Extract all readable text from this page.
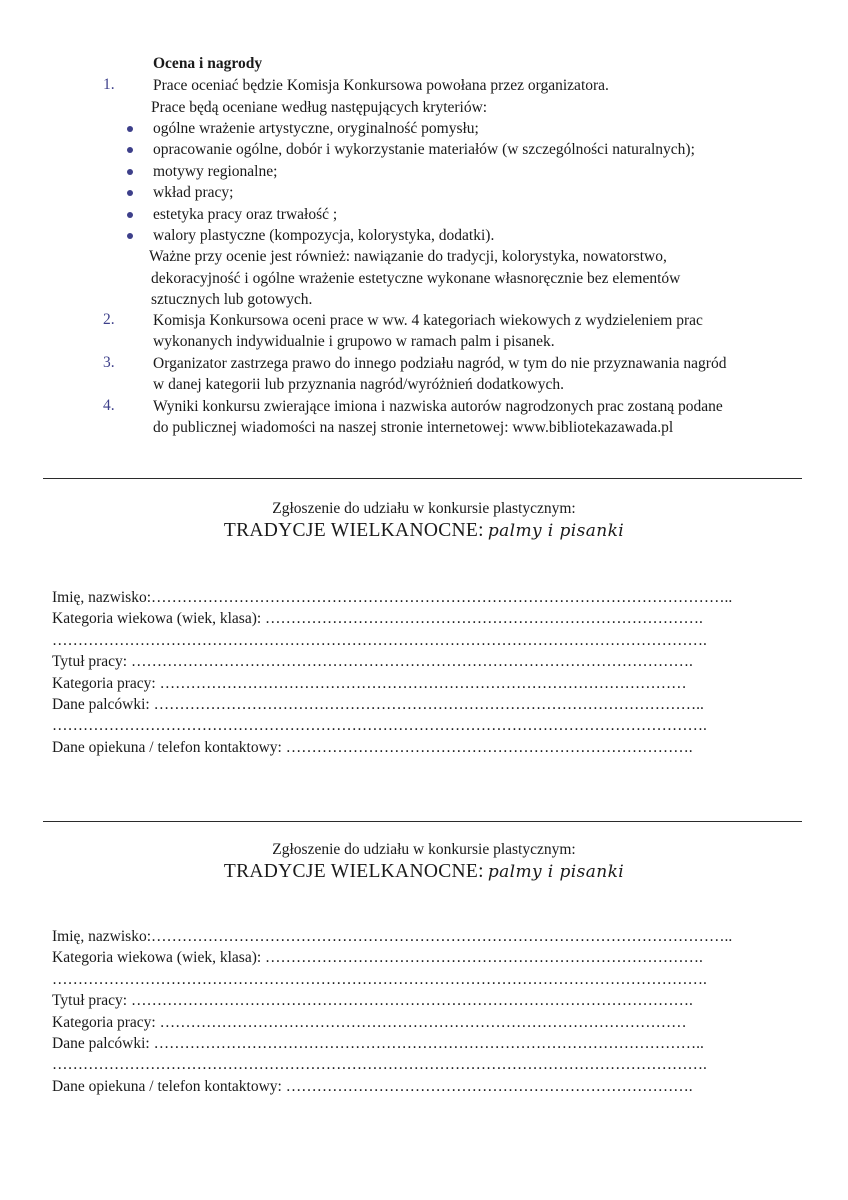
Ocena i nagrody
1. Prace oceniać będzie Komisja Konkursowa powołana przez organizatora.
Prace będą oceniane według następujących kryteriów:
ogólne wrażenie artystyczne, oryginalność pomysłu;
opracowanie ogólne, dobór i wykorzystanie materiałów (w szczególności naturalnych);
motywy regionalne;
wkład pracy;
estetyka pracy oraz trwałość ;
walory plastyczne (kompozycja, kolorystyka, dodatki).
Ważne przy ocenie jest również: nawiązanie do tradycji, kolorystyka, nowatorstwo,
dekoracyjność i ogólne wrażenie estetyczne wykonane własnoręcznie bez elementów
sztucznych lub gotowych.
2. Komisja Konkursowa oceni prace w ww. 4 kategoriach wiekowych z wydzieleniem prac
wykonanych indywidualnie i grupowo w ramach palm i pisanek.
3. Organizator zastrzega prawo do innego podziału nagród, w tym do nie przyznawania nagród
w danej kategorii lub przyznania nagród/wyróżnień dodatkowych.
4. Wyniki konkursu zwierające imiona i nazwiska autorów nagrodzonych prac zostaną podane
do publicznej wiadomości na naszej stronie internetowej: www.bibliotekazawada.pl
Zgłoszenie do udziału w konkursie plastycznym:
TRADYCJE WIELKANOCNE: palmy i pisanki
Imię, nazwisko:…………………………………………………………………………………………………..
Kategoria wiekowa (wiek, klasa): ………………………………………………………………………….
……………………………………………………………………………………………………………….
Tytuł pracy: ……………………………………………………………………………………………….
Kategoria pracy: …………………………………………………………………………………………
Dane palcówki: ……………………………………………………………………………………………..
……………………………………………………………………………………………………………….
Dane opiekuna / telefon kontaktowy: …………………………………………………………………….
Zgłoszenie do udziału w konkursie plastycznym:
TRADYCJE WIELKANOCNE: palmy i pisanki
Imię, nazwisko:…………………………………………………………………………………………………..
Kategoria wiekowa (wiek, klasa): ………………………………………………………………………….
……………………………………………………………………………………………………………….
Tytuł pracy: ……………………………………………………………………………………………….
Kategoria pracy: …………………………………………………………………………………………
Dane palcówki: ……………………………………………………………………………………………..
……………………………………………………………………………………………………………….
Dane opiekuna / telefon kontaktowy: …………………………………………………………………….
